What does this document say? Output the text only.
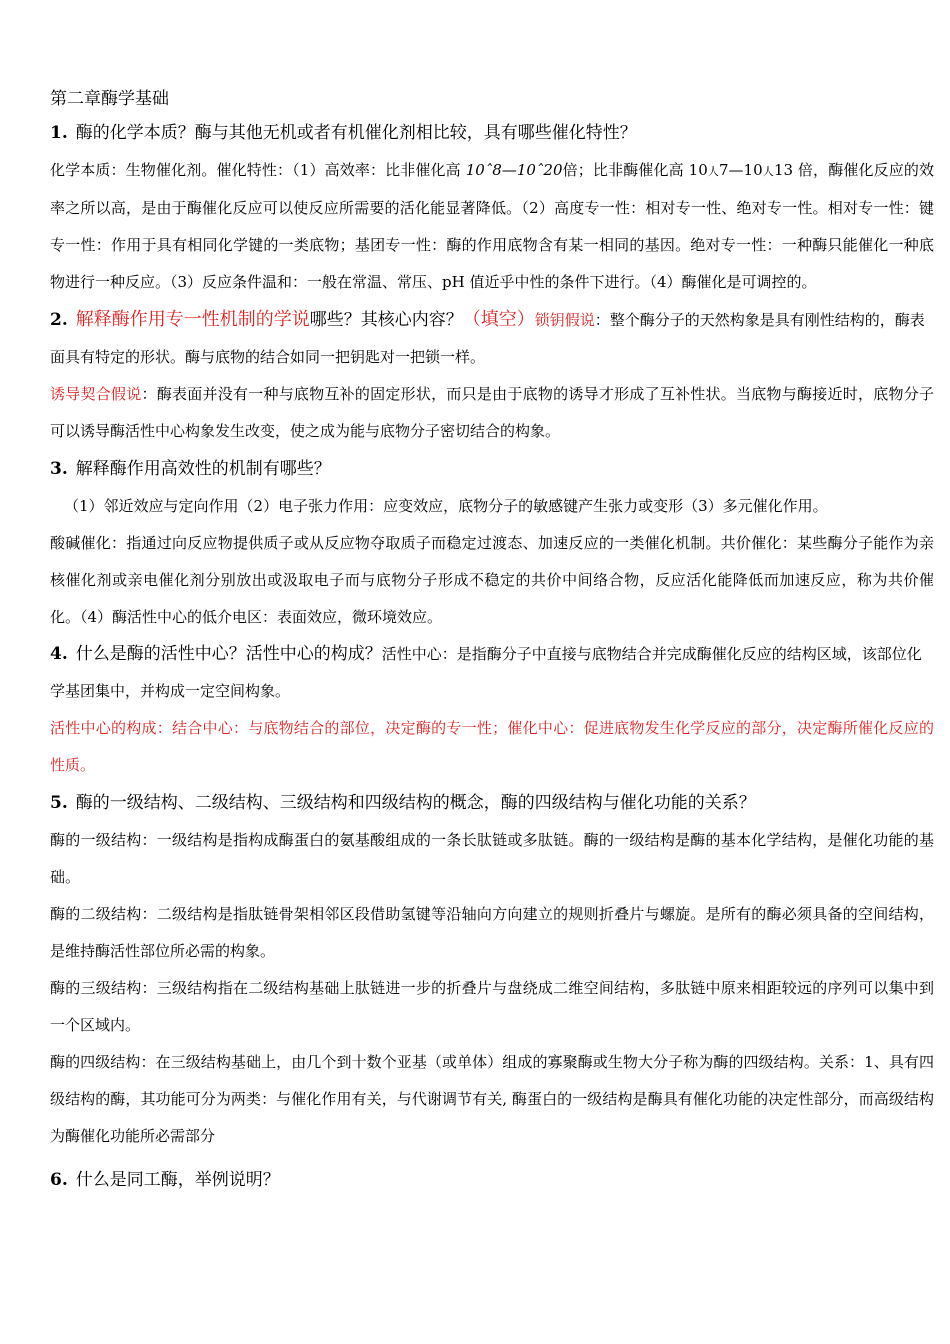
第二章酶学基础

1. 酶的化学本质？酶与其他无机或者有机催化剂相比较，具有哪些催化特性？

化学本质：生物催化剂。催化特性：（1）高效率：比非催化高 10ˆ8—10ˆ20倍；比非酶催化高 10人7—10人13 倍，酶催化反应的效率之所以高，是由于酶催化反应可以使反应所需要的活化能显著降低。（2）高度专一性：相对专一性、绝对专一性。相对专一性：键专一性：作用于具有相同化学键的一类底物；基团专一性：酶的作用底物含有某一相同的基因。绝对专一性：一种酶只能催化一种底物进行一种反应。（3）反应条件温和：一般在常温、常压、pH 值近乎中性的条件下进行。（4）酶催化是可调控的。

2. 解释酶作用专一性机制的学说哪些？其核心内容？（填空）锁钥假说：整个酶分子的天然构象是具有刚性结构的，酶表面具有特定的形状。酶与底物的结合如同一把钥匙对一把锁一样。

诱导契合假说：酶表面并没有一种与底物互补的固定形状，而只是由于底物的诱导才形成了互补性状。当底物与酶接近时，底物分子可以诱导酶活性中心构象发生改变，使之成为能与底物分子密切结合的构象。

3. 解释酶作用高效性的机制有哪些？

（1）邻近效应与定向作用（2）电子张力作用：应变效应，底物分子的敏感键产生张力或变形（3）多元催化作用。

酸碱催化：指通过向反应物提供质子或从反应物夺取质子而稳定过渡态、加速反应的一类催化机制。共价催化：某些酶分子能作为亲核催化剂或亲电催化剂分别放出或汲取电子而与底物分子形成不稳定的共价中间络合物，反应活化能降低而加速反应，称为共价催化。（4）酶活性中心的低介电区：表面效应，微环境效应。

4. 什么是酶的活性中心？活性中心的构成？活性中心：是指酶分子中直接与底物结合并完成酶催化反应的结构区域，该部位化学基团集中，并构成一定空间构象。

活性中心的构成：结合中心：与底物结合的部位，决定酶的专一性；催化中心：促进底物发生化学反应的部分，决定酶所催化反应的性质。

5. 酶的一级结构、二级结构、三级结构和四级结构的概念，酶的四级结构与催化功能的关系？

酶的一级结构：一级结构是指构成酶蛋白的氨基酸组成的一条长肽链或多肽链。酶的一级结构是酶的基本化学结构，是催化功能的基础。

酶的二级结构：二级结构是指肽链骨架相邻区段借助氢键等沿轴向方向建立的规则折叠片与螺旋。是所有的酶必须具备的空间结构，是维持酶活性部位所必需的构象。

酶的三级结构：三级结构指在二级结构基础上肽链进一步的折叠片与盘绕成二维空间结构，多肽链中原来相距较远的序列可以集中到一个区域内。

酶的四级结构：在三级结构基础上，由几个到十数个亚基（或单体）组成的寡聚酶或生物大分子称为酶的四级结构。关系：1、具有四级结构的酶，其功能可分为两类：与催化作用有关，与代谢调节有关, 酶蛋白的一级结构是酶具有催化功能的决定性部分，而高级结构为酶催化功能所必需部分

6. 什么是同工酶，举例说明？
